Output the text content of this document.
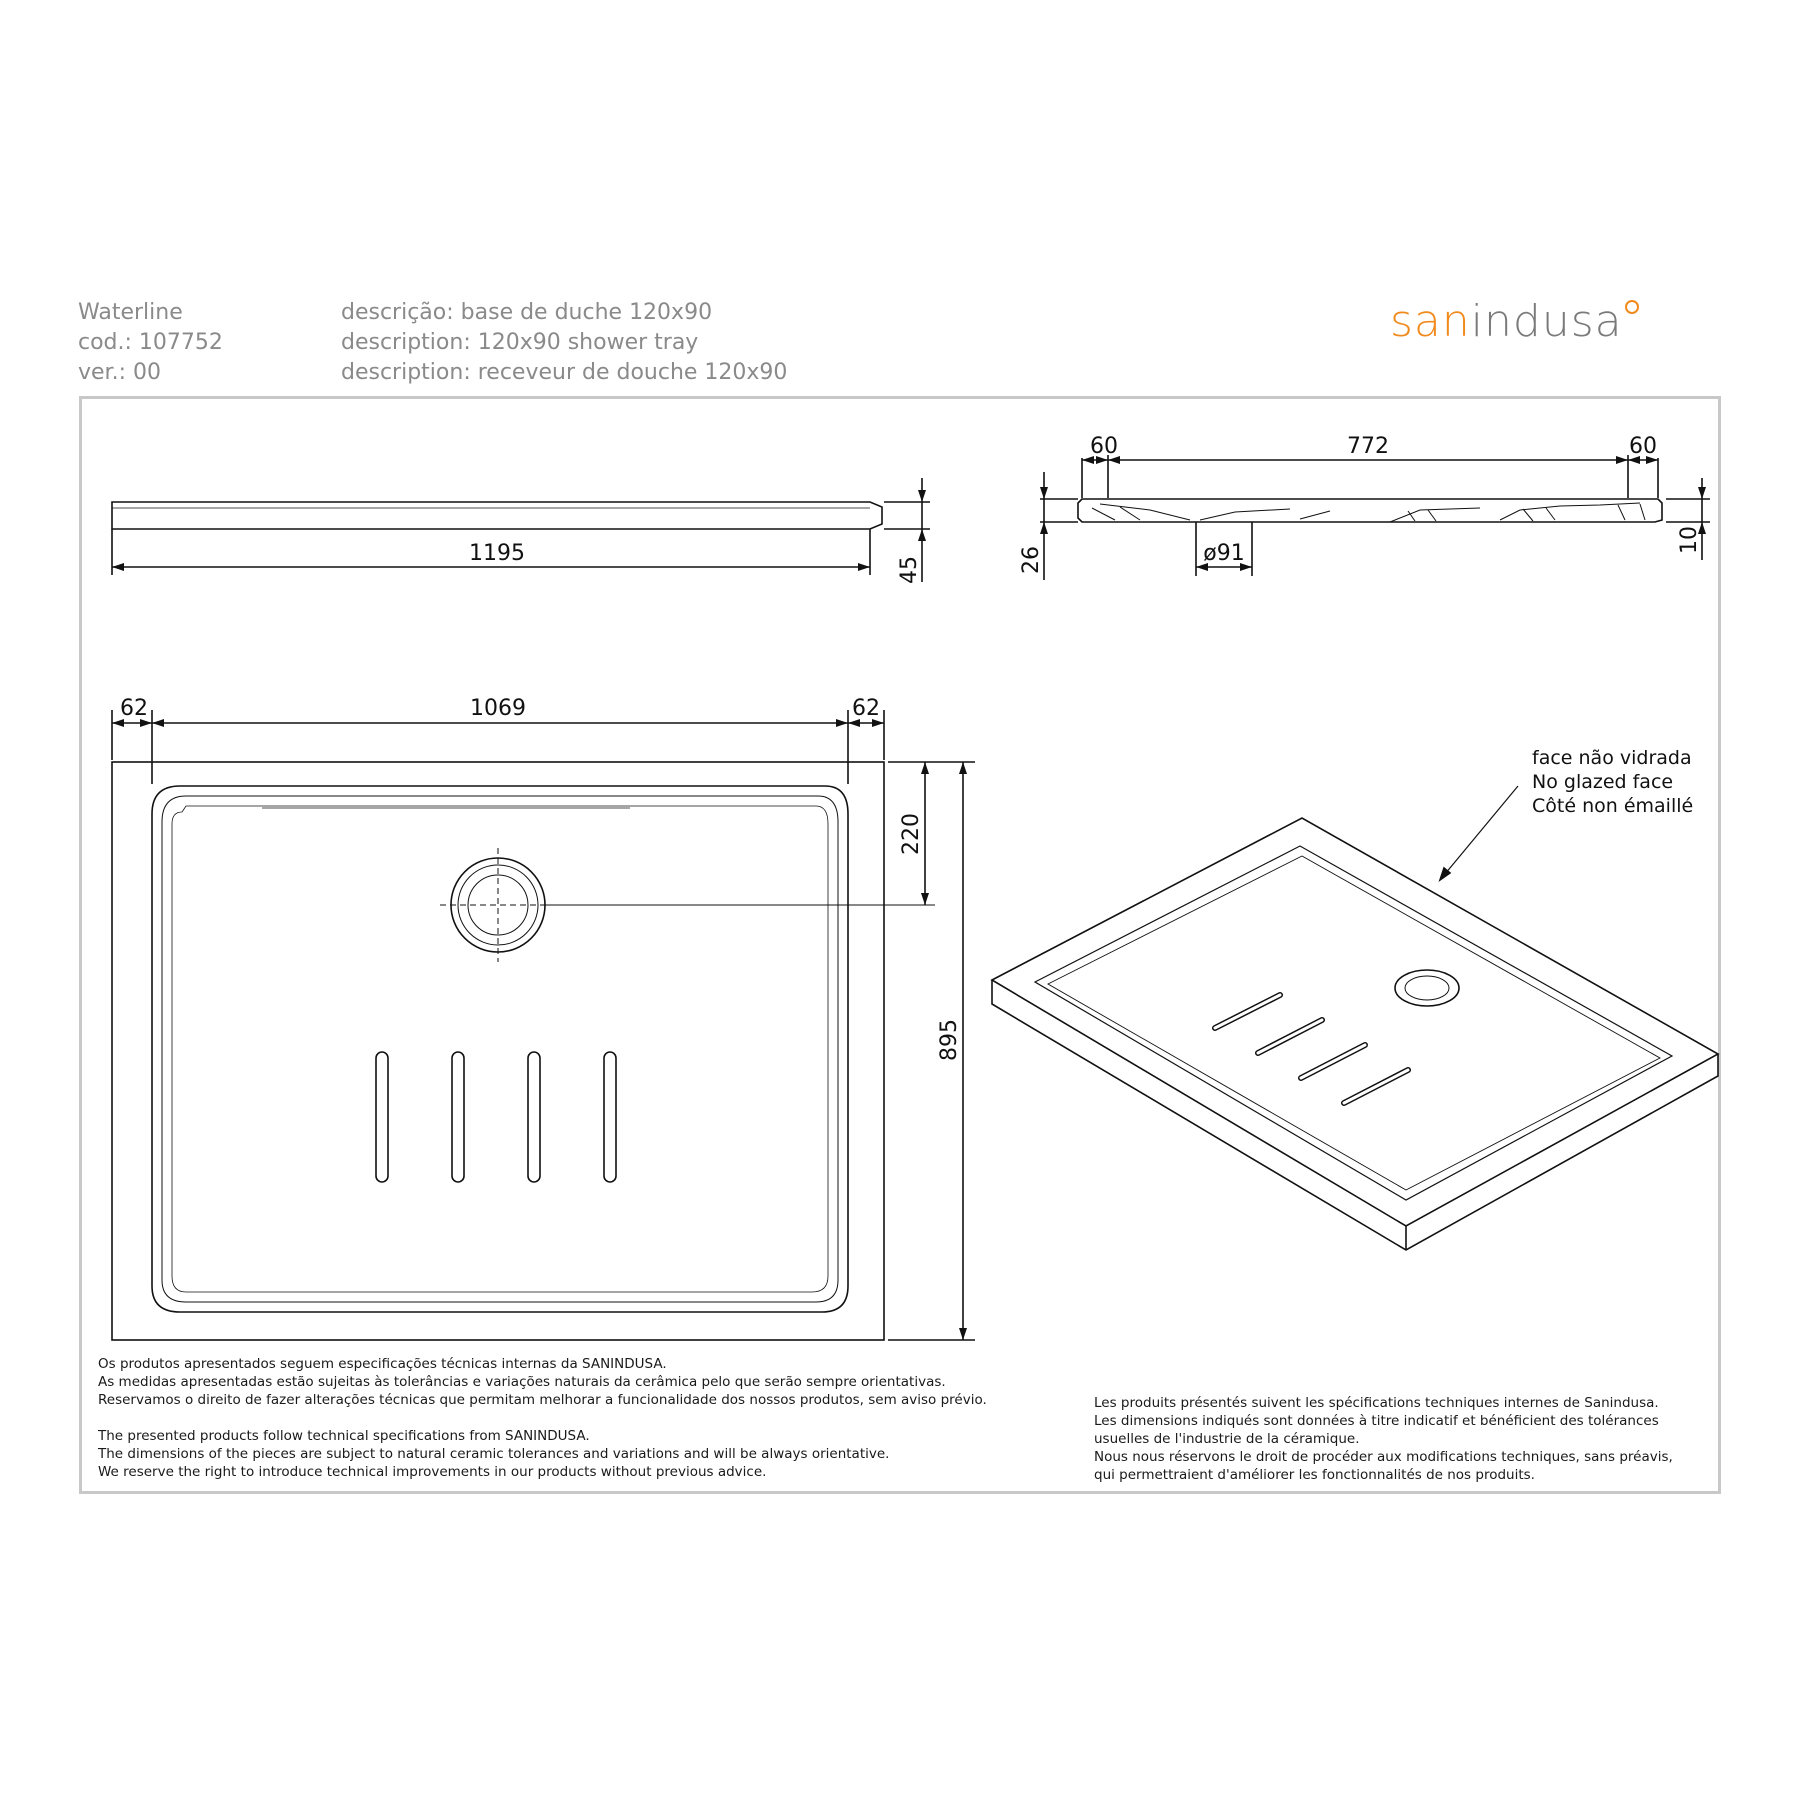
Waterline
cod.: 107752
ver.: 00
descrição: base de duche 120x90
description: 120x90 shower tray
description: receveur de douche 120x90
sanindusa
1195
45
60	772	60
26	ø91	10
62	1069	62
220
895
face não vidrada
No glazed face
Côté non émaillé
Os produtos apresentados seguem especificações técnicas internas da SANINDUSA.
As medidas apresentadas estão sujeitas às tolerâncias e variações naturais da cerâmica pelo que serão sempre orientativas.
Reservamos o direito de fazer alterações técnicas que permitam melhorar a funcionalidade dos nossos produtos, sem aviso prévio.
The presented products follow technical specifications from SANINDUSA.
The dimensions of the pieces are subject to natural ceramic tolerances and variations and will be always orientative.
We reserve the right to introduce technical improvements in our products without previous advice.
Les produits présentés suivent les spécifications techniques internes de Sanindusa.
Les dimensions indiqués sont données à titre indicatif et bénéficient des tolérances
usuelles de l'industrie de la céramique.
Nous nous réservons le droit de procéder aux modifications techniques, sans préavis,
qui permettraient d'améliorer les fonctionnalités de nos produits.
